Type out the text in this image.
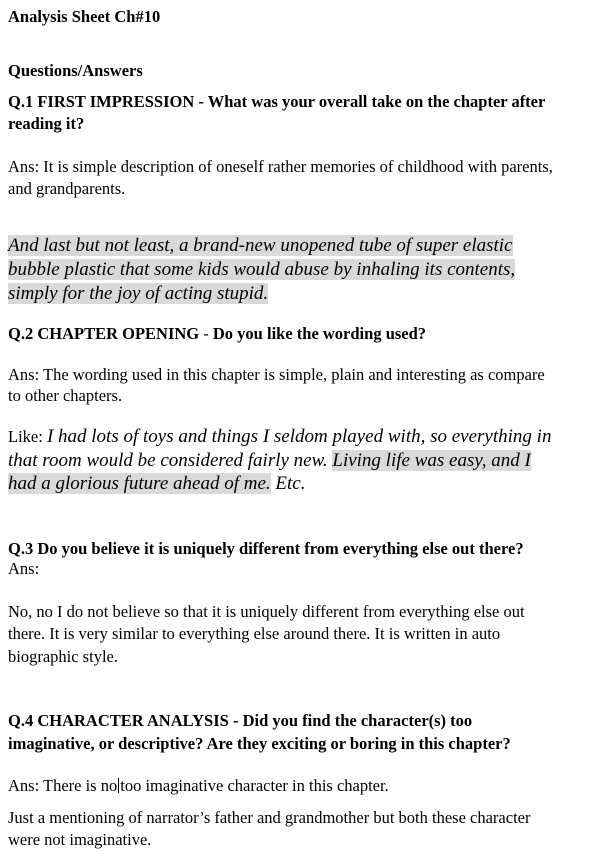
Analysis Sheet Ch#10
Questions/Answers
Q.1 FIRST IMPRESSION - What was your overall take on the chapter after
reading it?
Ans: It is simple description of oneself rather memories of childhood with parents,
and grandparents.
And last but not least, a brand-new unopened tube of super elastic
bubble plastic that some kids would abuse by inhaling its contents,
simply for the joy of acting stupid.
Q.2 CHAPTER OPENING - Do you like the wording used?
Ans: The wording used in this chapter is simple, plain and interesting as compare
to other chapters.
Like: I had lots of toys and things I seldom played with, so everything in
that room would be considered fairly new. Living life was easy, and I
had a glorious future ahead of me. Etc.
Q.3 Do you believe it is uniquely different from everything else out there?
Ans:
No, no I do not believe so that it is uniquely different from everything else out
there. It is very similar to everything else around there. It is written in auto
biographic style.
Q.4 CHARACTER ANALYSIS - Did you find the character(s) too
imaginative, or descriptive? Are they exciting or boring in this chapter?
Ans: There is no too imaginative character in this chapter.
Just a mentioning of narrator’s father and grandmother but both these character
were not imaginative.
